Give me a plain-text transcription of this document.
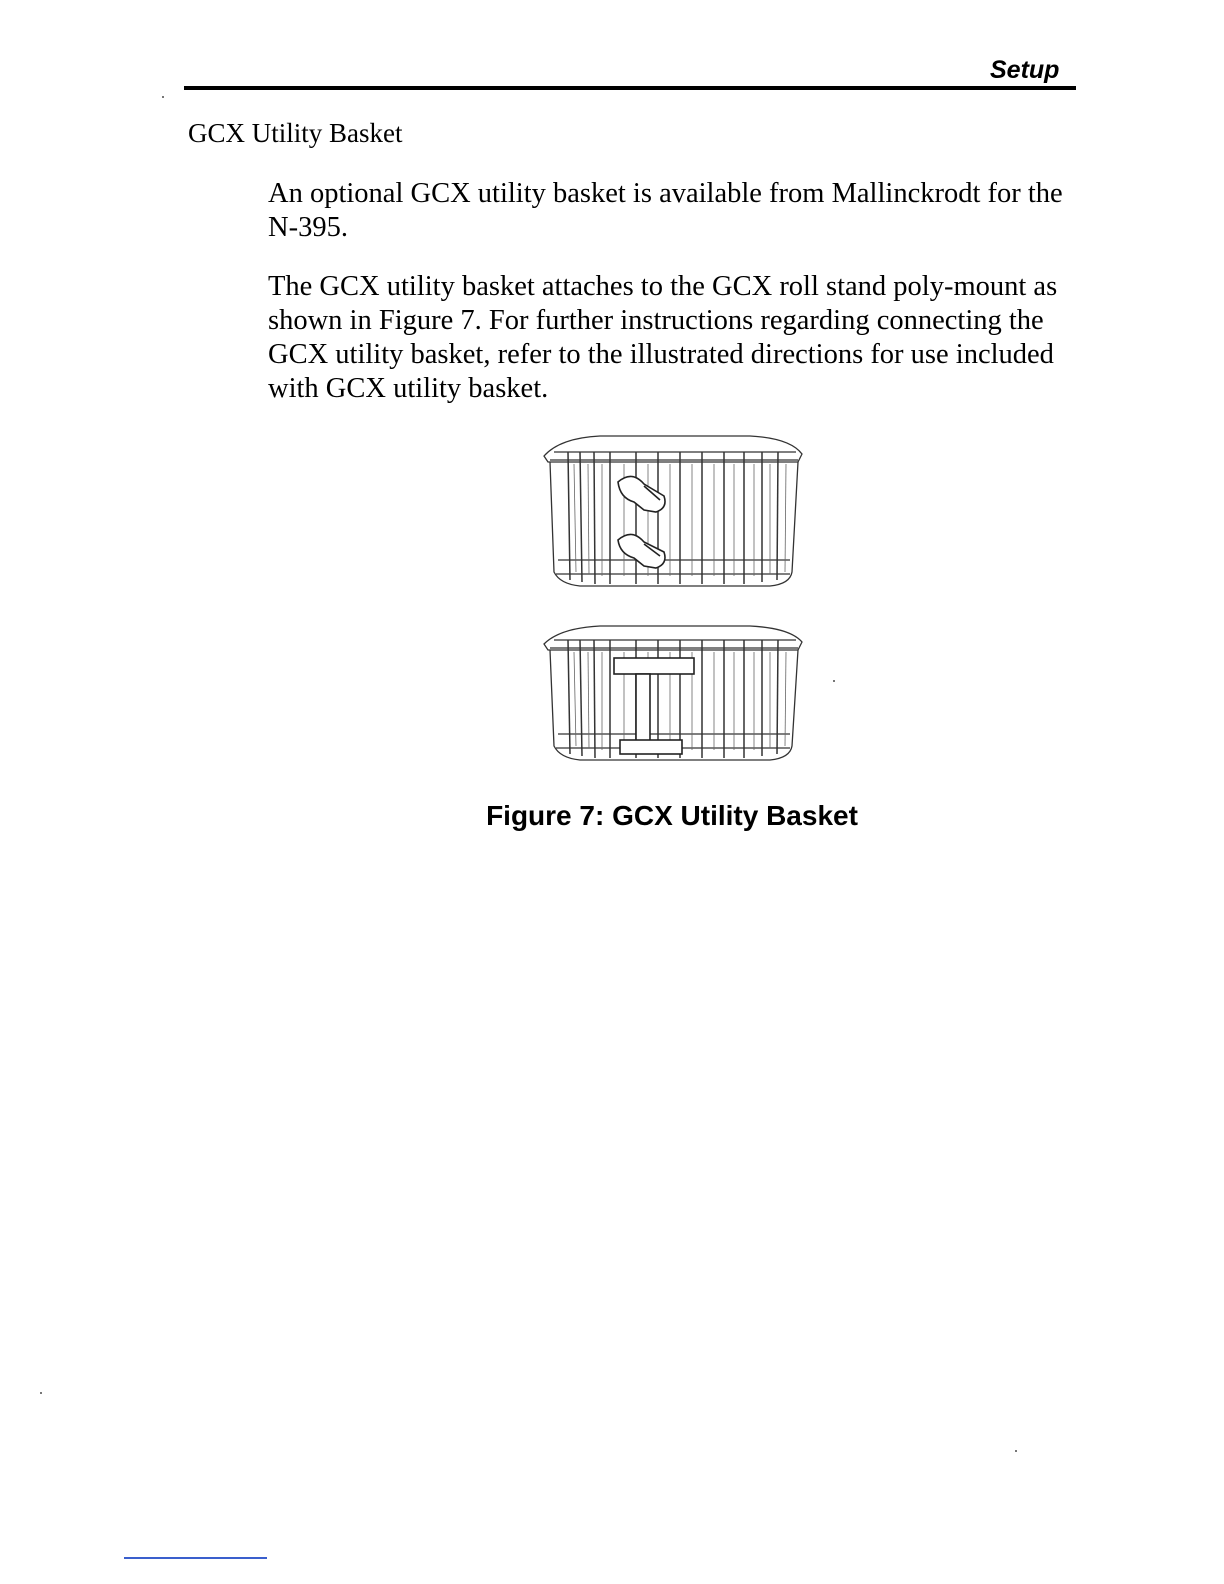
Setup
GCX Utility Basket

An optional GCX utility basket is available from Mallinckrodt for the N-395.

The GCX utility basket attaches to the GCX roll stand poly-mount as shown in Figure 7. For further instructions regarding connecting the GCX utility basket, refer to the illustrated directions for use included with GCX utility basket.

Figure 7: GCX Utility Basket
